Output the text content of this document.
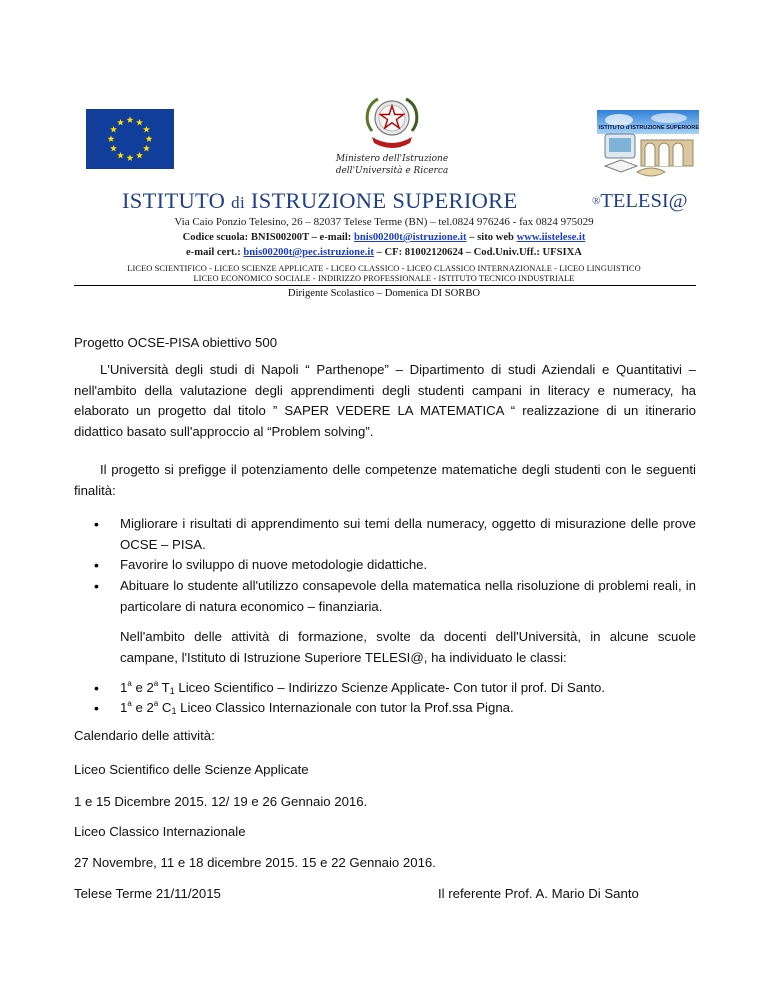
Ministero dell'Istruzione
dell'Università e Ricerca
ISTITUTO d'ISTRUZIONE SUPERIORE
ISTITUTO di ISTRUZIONE SUPERIORE	®TELESI@
Via Caio Ponzio Telesino, 26 – 82037 Telese Terme (BN) – tel.0824 976246 - fax 0824 975029
Codice scuola: BNIS00200T – e-mail: bnis00200t@istruzione.it – sito web www.iistelese.it
e-mail cert.: bnis00200t@pec.istruzione.it – CF: 81002120624 – Cod.Univ.Uff.: UFSIXA
LICEO SCIENTIFICO - LICEO SCIENZE APPLICATE - LICEO CLASSICO - LICEO CLASSICO INTERNAZIONALE - LICEO LINGUISTICO
LICEO ECONOMICO SOCIALE - INDIRIZZO PROFESSIONALE - ISTITUTO TECNICO INDUSTRIALE
Dirigente Scolastico – Domenica DI SORBO
Progetto OCSE-PISA obiettivo 500
L'Università degli studi di Napoli “ Parthenope” – Dipartimento di studi Aziendali e Quantitativi – nell'ambito della valutazione degli apprendimenti degli studenti campani in literacy e numeracy, ha elaborato un progetto dal titolo ” SAPER VEDERE LA MATEMATICA “ realizzazione di un itinerario didattico basato sull'approccio al “Problem solving”.
Il progetto si prefigge il potenziamento delle competenze matematiche degli studenti con le seguenti finalità:
• Migliorare i risultati di apprendimento sui temi della numeracy, oggetto di misurazione delle prove OCSE – PISA.
• Favorire lo sviluppo di nuove metodologie didattiche.
• Abituare lo studente all'utilizzo consapevole della matematica nella risoluzione di problemi reali, in particolare di natura economico – finanziaria.
Nell'ambito delle attività di formazione, svolte da docenti dell'Università, in alcune scuole campane, l'Istituto di Istruzione Superiore TELESI@, ha individuato le classi:
• 1$^a$ e 2$^a$ $T_1$ Liceo Scientifico – Indirizzo Scienze Applicate- Con tutor il prof. Di Santo.
• 1$^a$ e 2$^a$ $C_1$ Liceo Classico Internazionale con tutor la Prof.ssa Pigna.
Calendario delle attività:
Liceo Scientifico delle Scienze Applicate
1 e 15 Dicembre 2015. 12/ 19 e 26 Gennaio 2016.
Liceo Classico Internazionale
27 Novembre, 11 e 18 dicembre 2015. 15 e 22 Gennaio 2016.
Telese Terme 21/11/2015	Il referente Prof. A. Mario Di Santo
